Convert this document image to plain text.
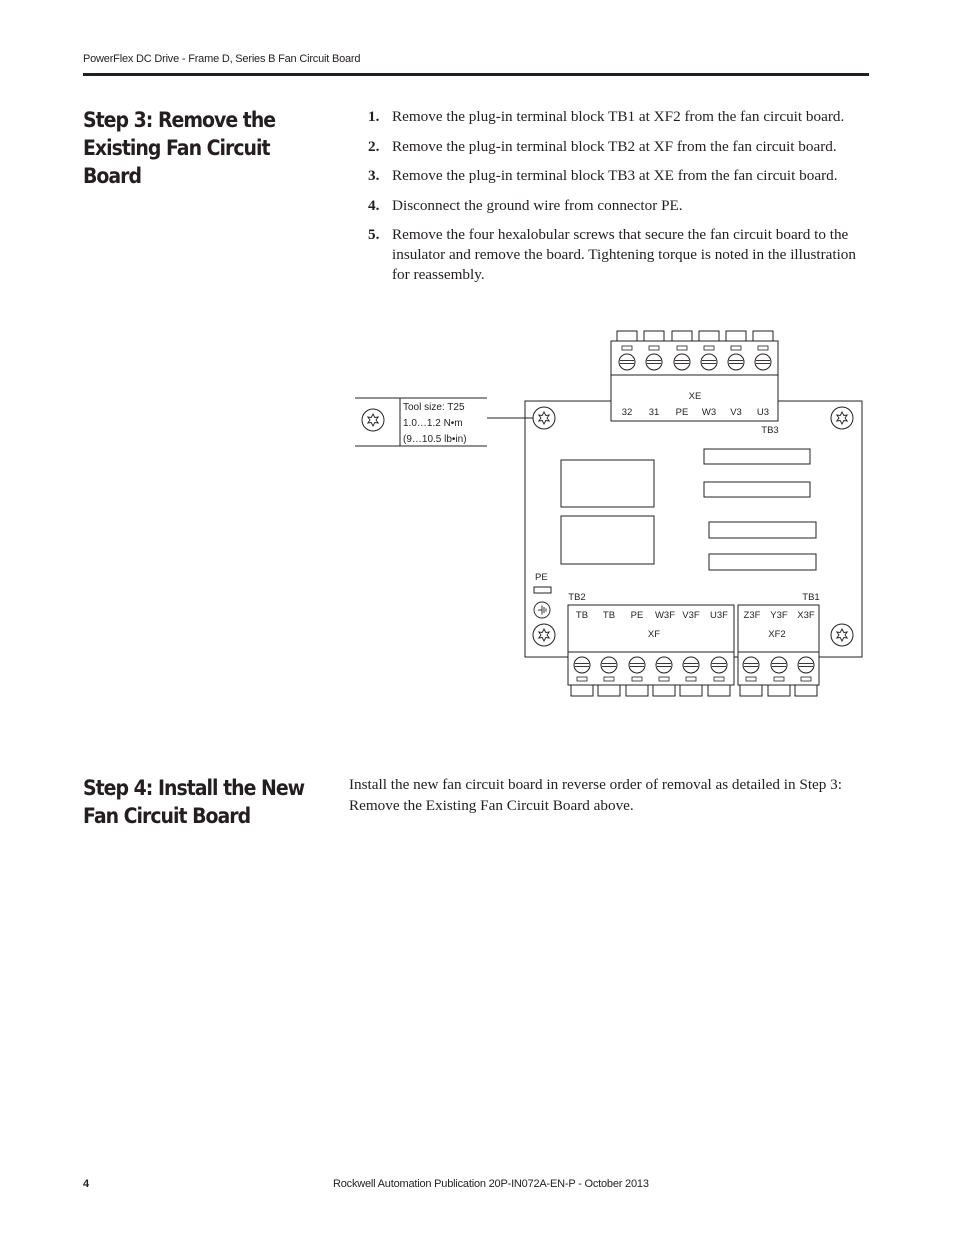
PowerFlex DC Drive - Frame D, Series B Fan Circuit Board
Step 3: Remove the Existing Fan Circuit Board
1. Remove the plug-in terminal block TB1 at XF2 from the fan circuit board.
2. Remove the plug-in terminal block TB2 at XF from the fan circuit board.
3. Remove the plug-in terminal block TB3 at XE from the fan circuit board.
4. Disconnect the ground wire from connector PE.
5. Remove the four hexalobular screws that secure the fan circuit board to the insulator and remove the board. Tightening torque is noted in the illustration for reassembly.
Tool size: T25
1.0…1.2 N•m
(9…10.5 lb•in)
PE
XE
TB3
32 31 PE W3 V3 U3
TB2
XF
TB TB PE W3F V3F U3F
TB1
XF2
Z3F Y3F X3F
Step 4: Install the New Fan Circuit Board
Install the new fan circuit board in reverse order of removal as detailed in Step 3: Remove the Existing Fan Circuit Board above.
4	Rockwell Automation Publication 20P-IN072A-EN-P - October 2013
